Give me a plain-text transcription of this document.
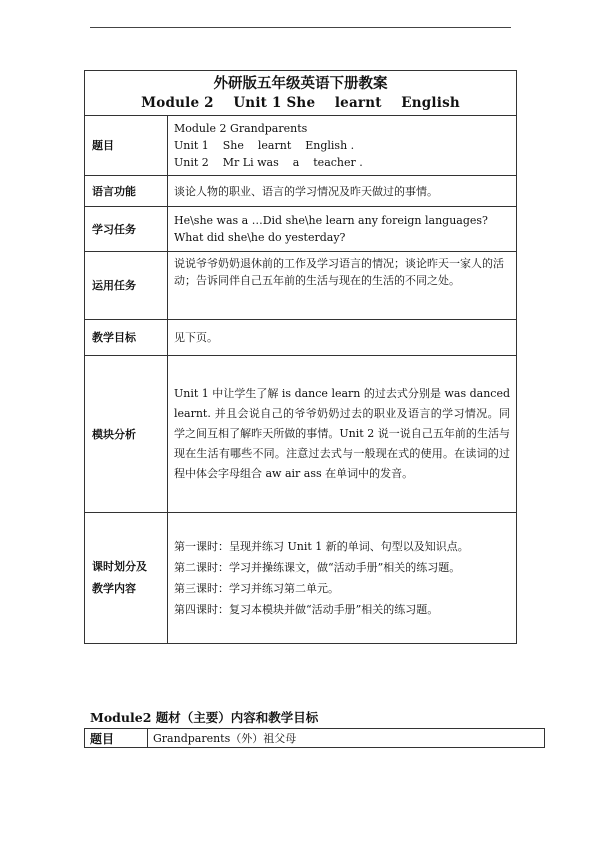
外研版五年级英语下册教案
Module 2    Unit 1 She    learnt    English	

题目	Module 2 Grandparents
Unit 1    She    learnt    English .
Unit 2    Mr Li was    a    teacher .

语言功能	谈论人物的职业、语言的学习情况及昨天做过的事情。
学习任务	He\she was a …Did she\he learn any foreign languages? What did she\he do yesterday?
运用任务	说说爷爷奶奶退休前的工作及学习语言的情况；谈论昨天一家人的活动；告诉同伴自己五年前的生活与现在的生活的不同之处。
教学目标	见下页。
模块分析	Unit 1 中让学生了解 is dance learn 的过去式分别是 was danced learnt. 并且会说自己的爷爷奶奶过去的职业及语言的学习情况。同学之间互相了解昨天所做的事情。Unit 2 说一说自己五年前的生活与现在生活有哪些不同。注意过去式与一般现在式的使用。在读词的过程中体会字母组合 aw air ass 在单词中的发音。

课时划分及
教学内容	第一课时：呈现并练习 Unit 1 新的单词、句型以及知识点。
第二课时：学习并操练课文，做“活动手册”相关的练习题。
第三课时：学习并练习第二单元。
第四课时：复习本模块并做“活动手册”相关的练习题。
Module2 题材（主要）内容和教学目标
题目	Grandparents（外）祖父母
